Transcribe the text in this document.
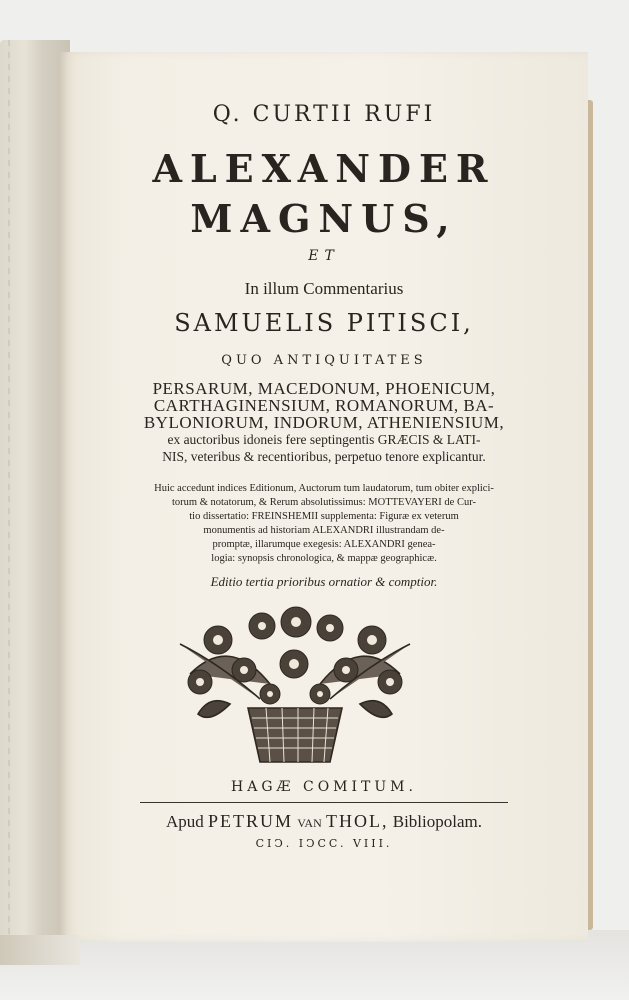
Q. CURTII RUFI
ALEXANDER
MAGNUS,
ET
In illum Commentarius
SAMUELIS PITISCI,
QUO ANTIQUITATES
PERSARUM, MACEDONUM, PHOENICUM,
CARTHAGINENSIUM, ROMANORUM, BA-
BYLONIORUM, INDORUM, ATHENIENSIUM,
ex auctoribus idoneis fere septingentis GRÆCIS & LATI-
NIS, veteribus & recentioribus, perpetuo tenore explicantur.
Huic accedunt indices Editionum, Auctorum tum laudatorum, tum obiter explici-
torum & notatorum, & Rerum absolutissimus: MOTTEVAYERI de Cur-
tio dissertatio: FREINSHEMII supplementa: Figuræ ex veterum
monumentis ad historiam ALEXANDRI illustrandam de-
promptæ, illarumque exegesis: ALEXANDRI genea-
logia: synopsis chronologica, & mappæ geographicæ.
Editio tertia prioribus ornatior & comptior.
HAGÆ COMITUM.
Apud PETRUM VAN THOL, Bibliopolam.
CIↃ. IↃCC. VIII.
